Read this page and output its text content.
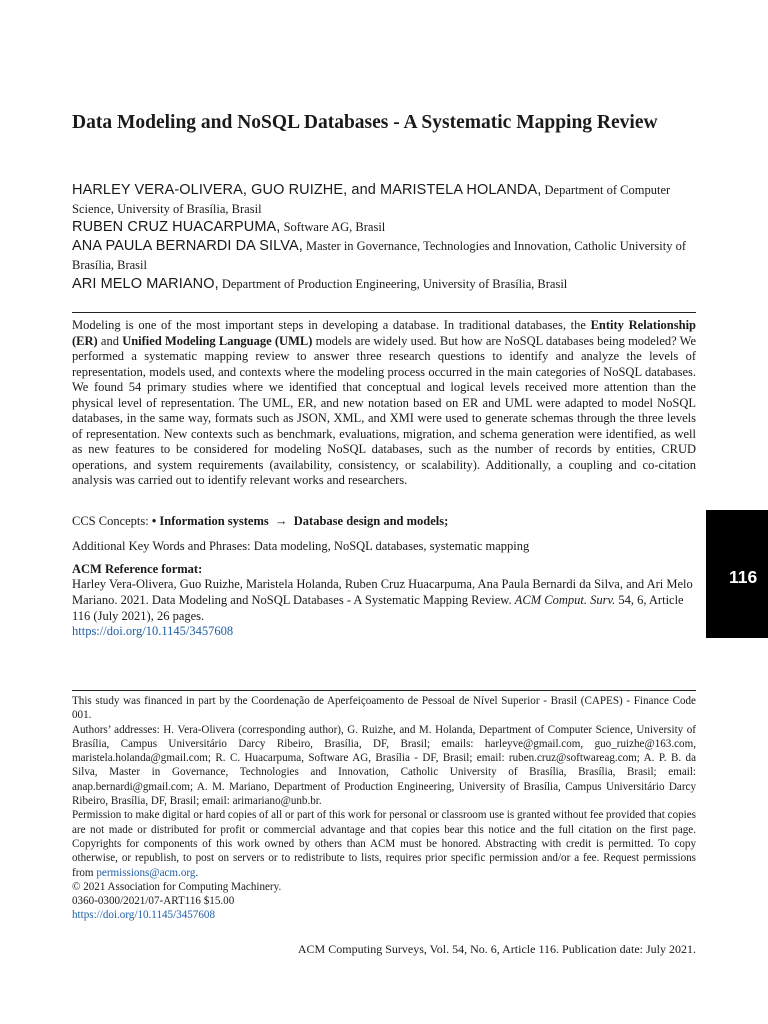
Data Modeling and NoSQL Databases - A Systematic Mapping Review
HARLEY VERA-OLIVERA, GUO RUIZHE, and MARISTELA HOLANDA, Department of Computer Science, University of Brasília, Brasil
RUBEN CRUZ HUACARPUMA, Software AG, Brasil
ANA PAULA BERNARDI DA SILVA, Master in Governance, Technologies and Innovation, Catholic University of Brasília, Brasil
ARI MELO MARIANO, Department of Production Engineering, University of Brasília, Brasil
Modeling is one of the most important steps in developing a database. In traditional databases, the Entity Relationship (ER) and Unified Modeling Language (UML) models are widely used. But how are NoSQL databases being modeled? We performed a systematic mapping review to answer three research questions to identify and analyze the levels of representation, models used, and contexts where the modeling process occurred in the main categories of NoSQL databases. We found 54 primary studies where we identified that conceptual and logical levels received more attention than the physical level of representation. The UML, ER, and new notation based on ER and UML were adapted to model NoSQL databases, in the same way, formats such as JSON, XML, and XMI were used to generate schemas through the three levels of representation. New contexts such as benchmark, evaluations, migration, and schema generation were identified, as well as new features to be considered for modeling NoSQL databases, such as the number of records by entities, CRUD operations, and system requirements (availability, consistency, or scalability). Additionally, a coupling and co-citation analysis was carried out to identify relevant works and researchers.
CCS Concepts: • Information systems → Database design and models;
Additional Key Words and Phrases: Data modeling, NoSQL databases, systematic mapping
ACM Reference format:
Harley Vera-Olivera, Guo Ruizhe, Maristela Holanda, Ruben Cruz Huacarpuma, Ana Paula Bernardi da Silva, and Ari Melo Mariano. 2021. Data Modeling and NoSQL Databases - A Systematic Mapping Review. ACM Comput. Surv. 54, 6, Article 116 (July 2021), 26 pages.
https://doi.org/10.1145/3457608
116

This study was financed in part by the Coordenação de Aperfeiçoamento de Pessoal de Nível Superior - Brasil (CAPES) - Finance Code 001.

Authors’ addresses: H. Vera-Olivera (corresponding author), G. Ruizhe, and M. Holanda, Department of Computer Science, University of Brasília, Campus Universitário Darcy Ribeiro, Brasília, DF, Brasil; emails: harleyve@gmail.com, guo_ruizhe@163.com, maristela.holanda@gmail.com; R. C. Huacarpuma, Software AG, Brasília - DF, Brasil; email: ruben.cruz@softwareag.com; A. P. B. da Silva, Master in Governance, Technologies and Innovation, Catholic University of Brasília, Brasília, Brasil; email: anap.bernardi@gmail.com; A. M. Mariano, Department of Production Engineering, University of Brasília, Campus Universitário Darcy Ribeiro, Brasília, DF, Brasil; email: arimariano@unb.br.

Permission to make digital or hard copies of all or part of this work for personal or classroom use is granted without fee provided that copies are not made or distributed for profit or commercial advantage and that copies bear this notice and the full citation on the first page. Copyrights for components of this work owned by others than ACM must be honored. Abstracting with credit is permitted. To copy otherwise, or republish, to post on servers or to redistribute to lists, requires prior specific permission and/or a fee. Request permissions from permissions@acm.org.

© 2021 Association for Computing Machinery.

0360-0300/2021/07-ART116 $15.00

https://doi.org/10.1145/3457608

ACM Computing Surveys, Vol. 54, No. 6, Article 116. Publication date: July 2021.
